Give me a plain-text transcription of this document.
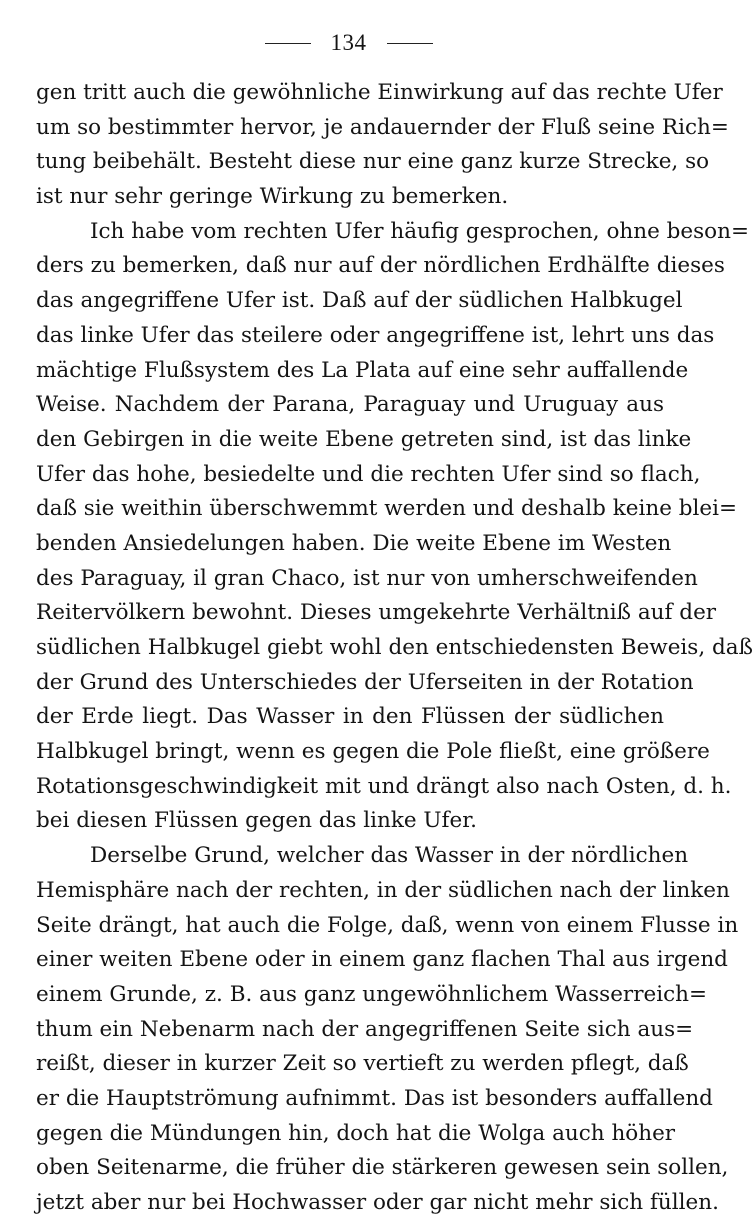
134
gen tritt auch die gewöhnliche Einwirkung auf das rechte Ufer
um so bestimmter hervor, je andauernder der Fluß seine Rich=
tung beibehält. Besteht diese nur eine ganz kurze Strecke, so
ist nur sehr geringe Wirkung zu bemerken.
Ich habe vom rechten Ufer häufig gesprochen, ohne beson=
ders zu bemerken, daß nur auf der nördlichen Erdhälfte dieses
das angegriffene Ufer ist. Daß auf der südlichen Halbkugel
das linke Ufer das steilere oder angegriffene ist, lehrt uns das
mächtige Flußsystem des La Plata auf eine sehr auffallende
Weise. Nachdem der Parana, Paraguay und Uruguay aus
den Gebirgen in die weite Ebene getreten sind, ist das linke
Ufer das hohe, besiedelte und die rechten Ufer sind so flach,
daß sie weithin überschwemmt werden und deshalb keine blei=
benden Ansiedelungen haben. Die weite Ebene im Westen
des Paraguay, il gran Chaco, ist nur von umherschweifenden
Reitervölkern bewohnt. Dieses umgekehrte Verhältniß auf der
südlichen Halbkugel giebt wohl den entschiedensten Beweis, daß
der Grund des Unterschiedes der Uferseiten in der Rotation
der Erde liegt. Das Wasser in den Flüssen der südlichen
Halbkugel bringt, wenn es gegen die Pole fließt, eine größere
Rotationsgeschwindigkeit mit und drängt also nach Osten, d. h.
bei diesen Flüssen gegen das linke Ufer.
Derselbe Grund, welcher das Wasser in der nördlichen
Hemisphäre nach der rechten, in der südlichen nach der linken
Seite drängt, hat auch die Folge, daß, wenn von einem Flusse in
einer weiten Ebene oder in einem ganz flachen Thal aus irgend
einem Grunde, z. B. aus ganz ungewöhnlichem Wasserreich=
thum ein Nebenarm nach der angegriffenen Seite sich aus=
reißt, dieser in kurzer Zeit so vertieft zu werden pflegt, daß
er die Hauptströmung aufnimmt. Das ist besonders auffallend
gegen die Mündungen hin, doch hat die Wolga auch höher
oben Seitenarme, die früher die stärkeren gewesen sein sollen,
jetzt aber nur bei Hochwasser oder gar nicht mehr sich füllen.
